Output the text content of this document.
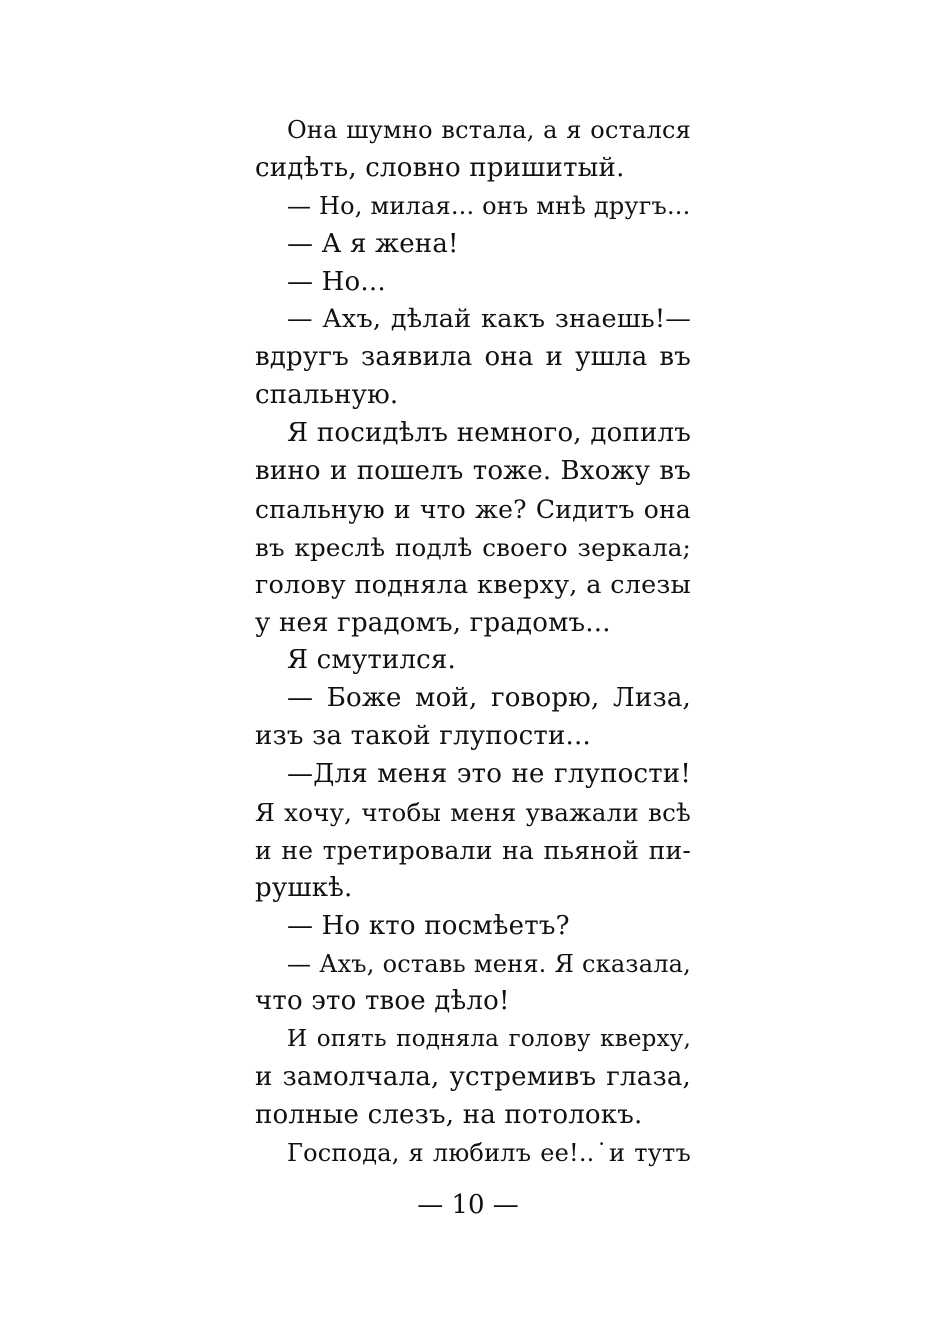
Она шумно встала, а я остался
сидѣть, словно пришитый.
— Но, милая... онъ мнѣ другъ...
— А я жена!
— Но...
— Ахъ, дѣлай какъ знаешь!—
вдругъ заявила она и ушла въ
спальную.
Я посидѣлъ немного, допилъ
вино и пошелъ тоже. Вхожу въ
спальную и что же? Сидитъ она
въ креслѣ подлѣ своего зеркала;
голову подняла кверху, а слезы
у нея градомъ, градомъ...
Я смутился.
— Боже мой, говорю, Лиза,
изъ за такой глупости...
—Для меня это не глупости!
Я хочу, чтобы меня уважали всѣ
и не третировали на пьяной пи-
рушкѣ.
— Но кто посмѣетъ?
— Ахъ, оставь меня. Я сказала,
что это твое дѣло!
И опять подняла голову кверху,
и замолчала, устремивъ глаза,
полные слезъ, на потолокъ.
Господа, я любилъ ее!..˙и тутъ
— 10 —
